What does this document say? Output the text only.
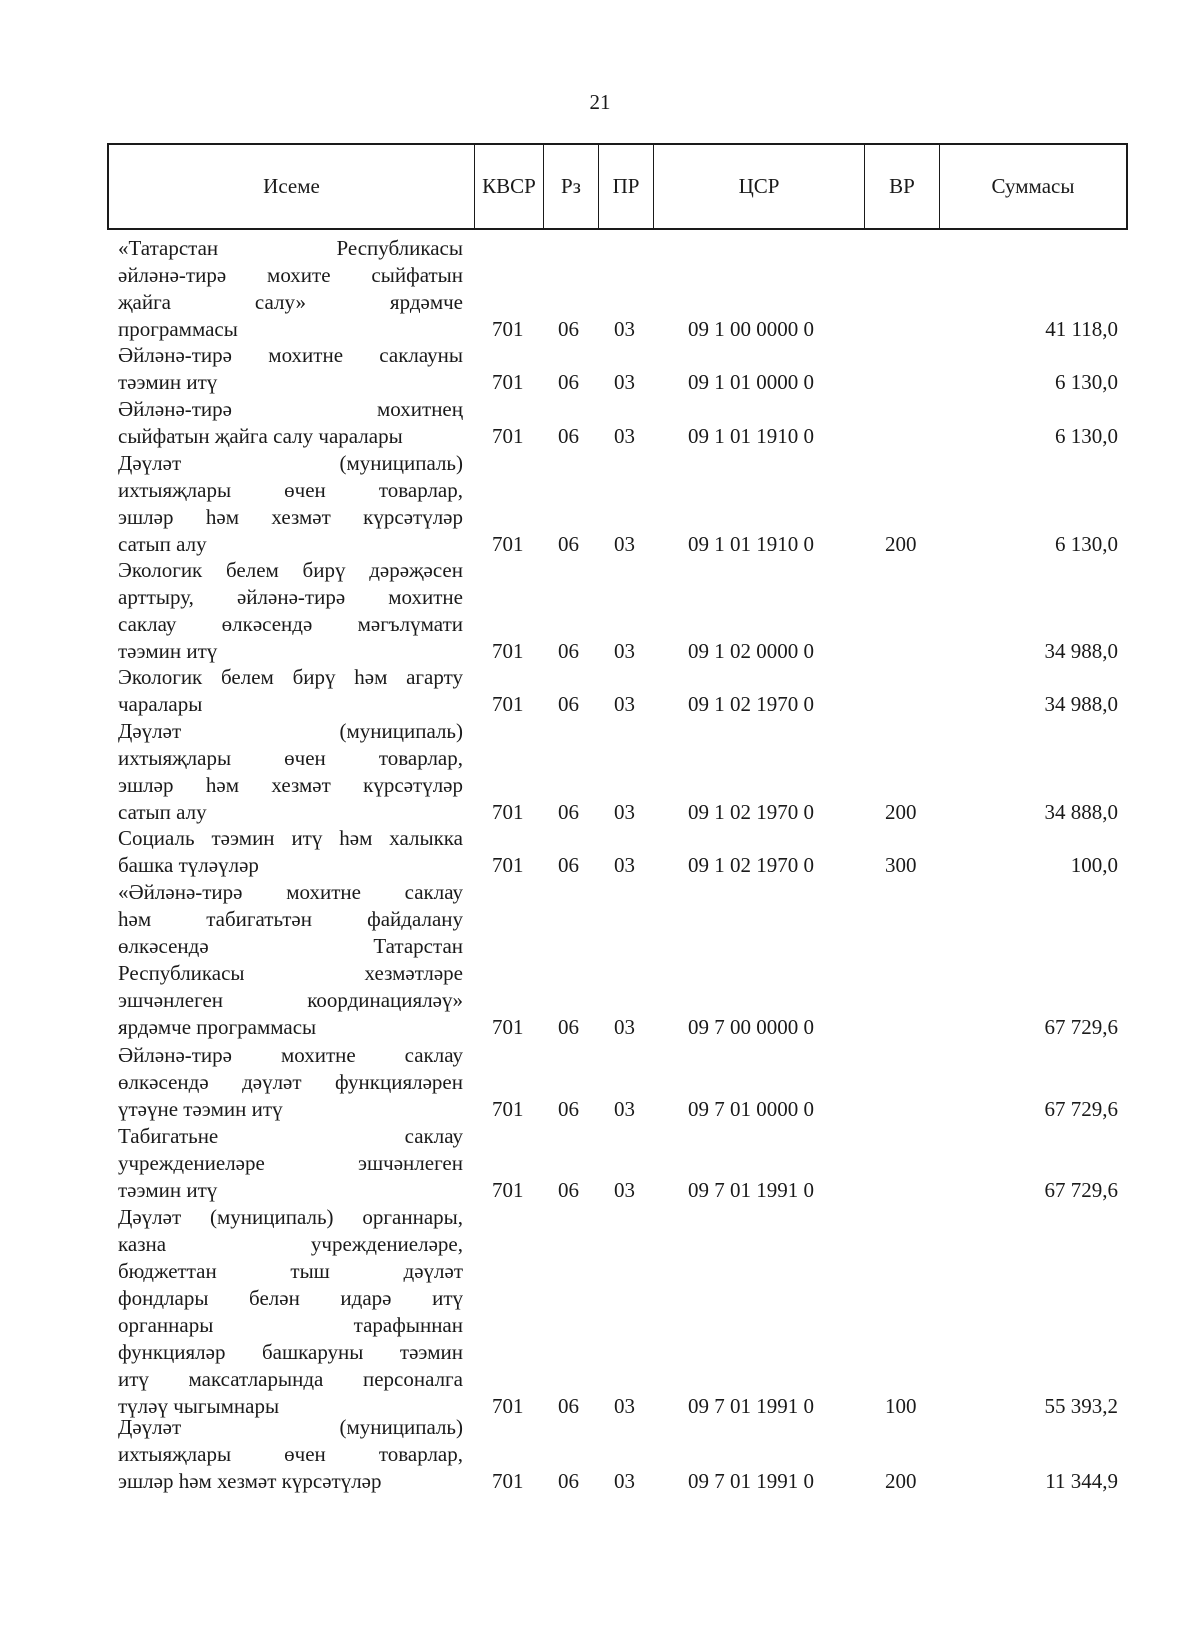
21
Исеме	КВСР	Рз	ПР	ЦСР	ВР	Суммасы
«Татарстан Республикасы
әйләнә-тирә мохите сыйфатын
җайга салу» ярдәмче
программасы	701 06 03	09 1 00 0000 0	41 118,0
Әйләнә-тирә мохитне саклауны
тәэмин итү	701 06 03	09 1 01 0000 0	6 130,0
Әйләнә-тирә мохитнең
сыйфатын җайга салу чаралары	701 06 03	09 1 01 1910 0	6 130,0
Дәүләт (муниципаль)
ихтыяҗлары өчен товарлар,
эшләр һәм хезмәт күрсәтүләр
сатып алу	701 06 03	09 1 01 1910 0	200	6 130,0
Экологик белем бирү дәрәҗәсен
арттыру, әйләнә-тирә мохитне
саклау өлкәсендә мәгълүмати
тәэмин итү	701 06 03	09 1 02 0000 0	34 988,0
Экологик белем бирү һәм агарту
чаралары	701 06 03	09 1 02 1970 0	34 988,0
Дәүләт (муниципаль)
ихтыяҗлары өчен товарлар,
эшләр һәм хезмәт күрсәтүләр
сатып алу	701 06 03	09 1 02 1970 0	200	34 888,0
Социаль тәэмин итү һәм халыкка
башка түләүләр	701 06 03	09 1 02 1970 0	300	100,0
«Әйләнә-тирә мохитне саклау
һәм табигатьтән файдалану
өлкәсендә Татарстан
Республикасы хезмәтләре
эшчәнлеген координацияләү»
ярдәмче программасы	701 06 03	09 7 00 0000 0	67 729,6
Әйләнә-тирә мохитне саклау
өлкәсендә дәүләт функцияләрен
үтәүне тәэмин итү	701 06 03	09 7 01 0000 0	67 729,6
Табигатьне саклау
учреждениеләре эшчәнлеген
тәэмин итү	701 06 03	09 7 01 1991 0	67 729,6
Дәүләт (муниципаль) органнары,
казна учреждениеләре,
бюджеттан тыш дәүләт
фондлары белән идарә итү
органнары тарафыннан
функцияләр башкаруны тәэмин
итү максатларында персоналга
түләү чыгымнары	701 06 03	09 7 01 1991 0	100	55 393,2
Дәүләт (муниципаль)
ихтыяҗлары өчен товарлар,
эшләр һәм хезмәт күрсәтүләр	701 06 03	09 7 01 1991 0	200	11 344,9
